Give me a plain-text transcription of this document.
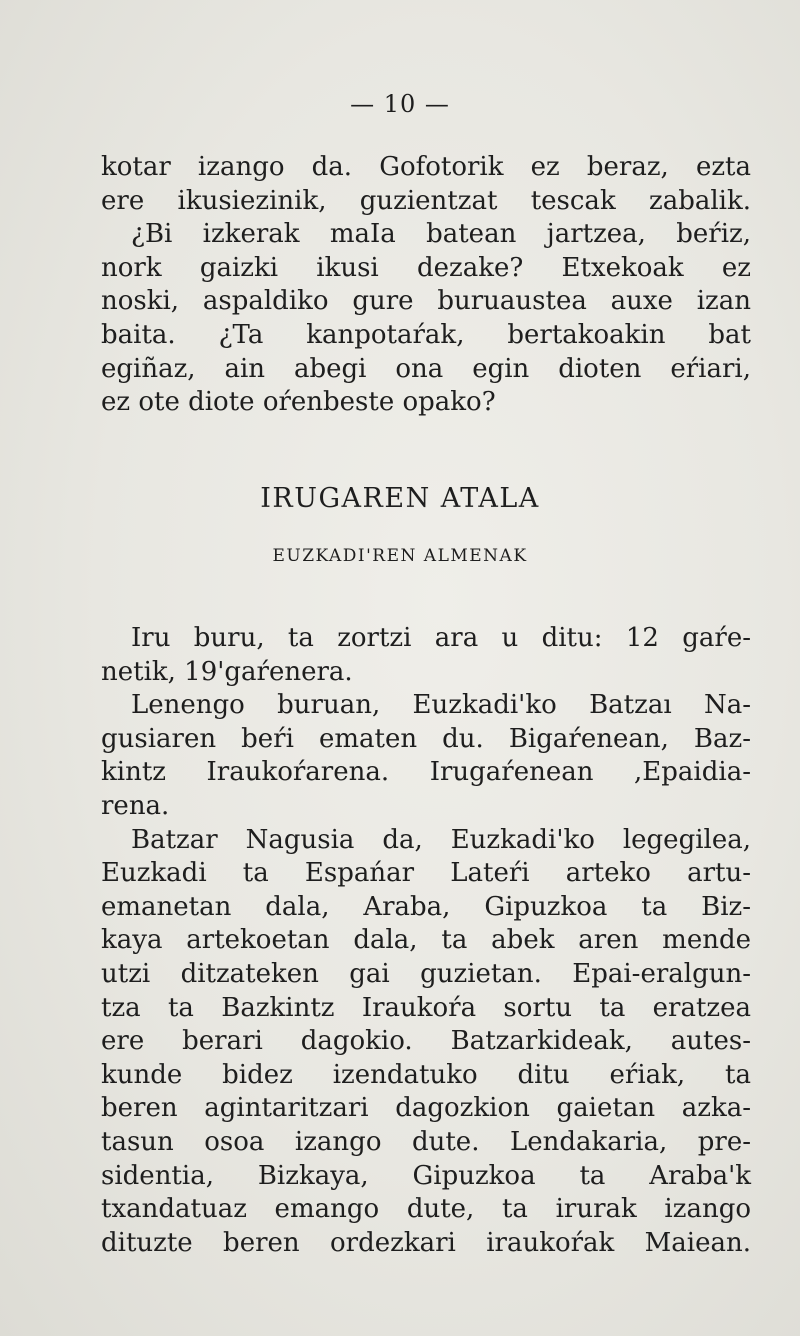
— 10 —
kotar izango da. Gofotorik ez beraz, ezta
ere ikusiezinik, guzientzat tescak zabalik.
¿Bi izkerak maIa batean jartzea, beŕiz,
nork gaizki ikusi dezake? Etxekoak ez
noski, aspaldiko gure buruaustea auxe izan
baita. ¿Ta kanpotaŕak, bertakoakin bat
egiñaz, ain abegi ona egin dioten eŕiari,
ez ote diote oŕenbeste opako?
IRUGAREN ATALA
EUZKADI'REN ALMENAK
Iru buru, ta zortzi ara u ditu: 12 gaŕe-
netik, 19'gaŕenera.
Lenengo buruan, Euzkadi'ko Batzaı Na-
gusiaren beŕi ematen du. Bigaŕenean, Baz-
kintz Iraukoŕarena. Irugaŕenean ,Epaidia-
rena.
Batzar Nagusia da, Euzkadi'ko legegilea,
Euzkadi ta Espańar Lateŕi arteko artu-
emanetan dala, Araba, Gipuzkoa ta Biz-
kaya artekoetan dala, ta abek aren mende
utzi ditzateken gai guzietan. Epai-eralgun-
tza ta Bazkintz Iraukoŕa sortu ta eratzea
ere berari dagokio. Batzarkideak, autes-
kunde bidez izendatuko ditu eŕiak, ta
beren agintaritzari dagozkion gaietan azka-
tasun osoa izango dute. Lendakaria, pre-
sidentia, Bizkaya, Gipuzkoa ta Araba'k
txandatuaz emango dute, ta irurak izango
dituzte beren ordezkari iraukoŕak Maiean.
